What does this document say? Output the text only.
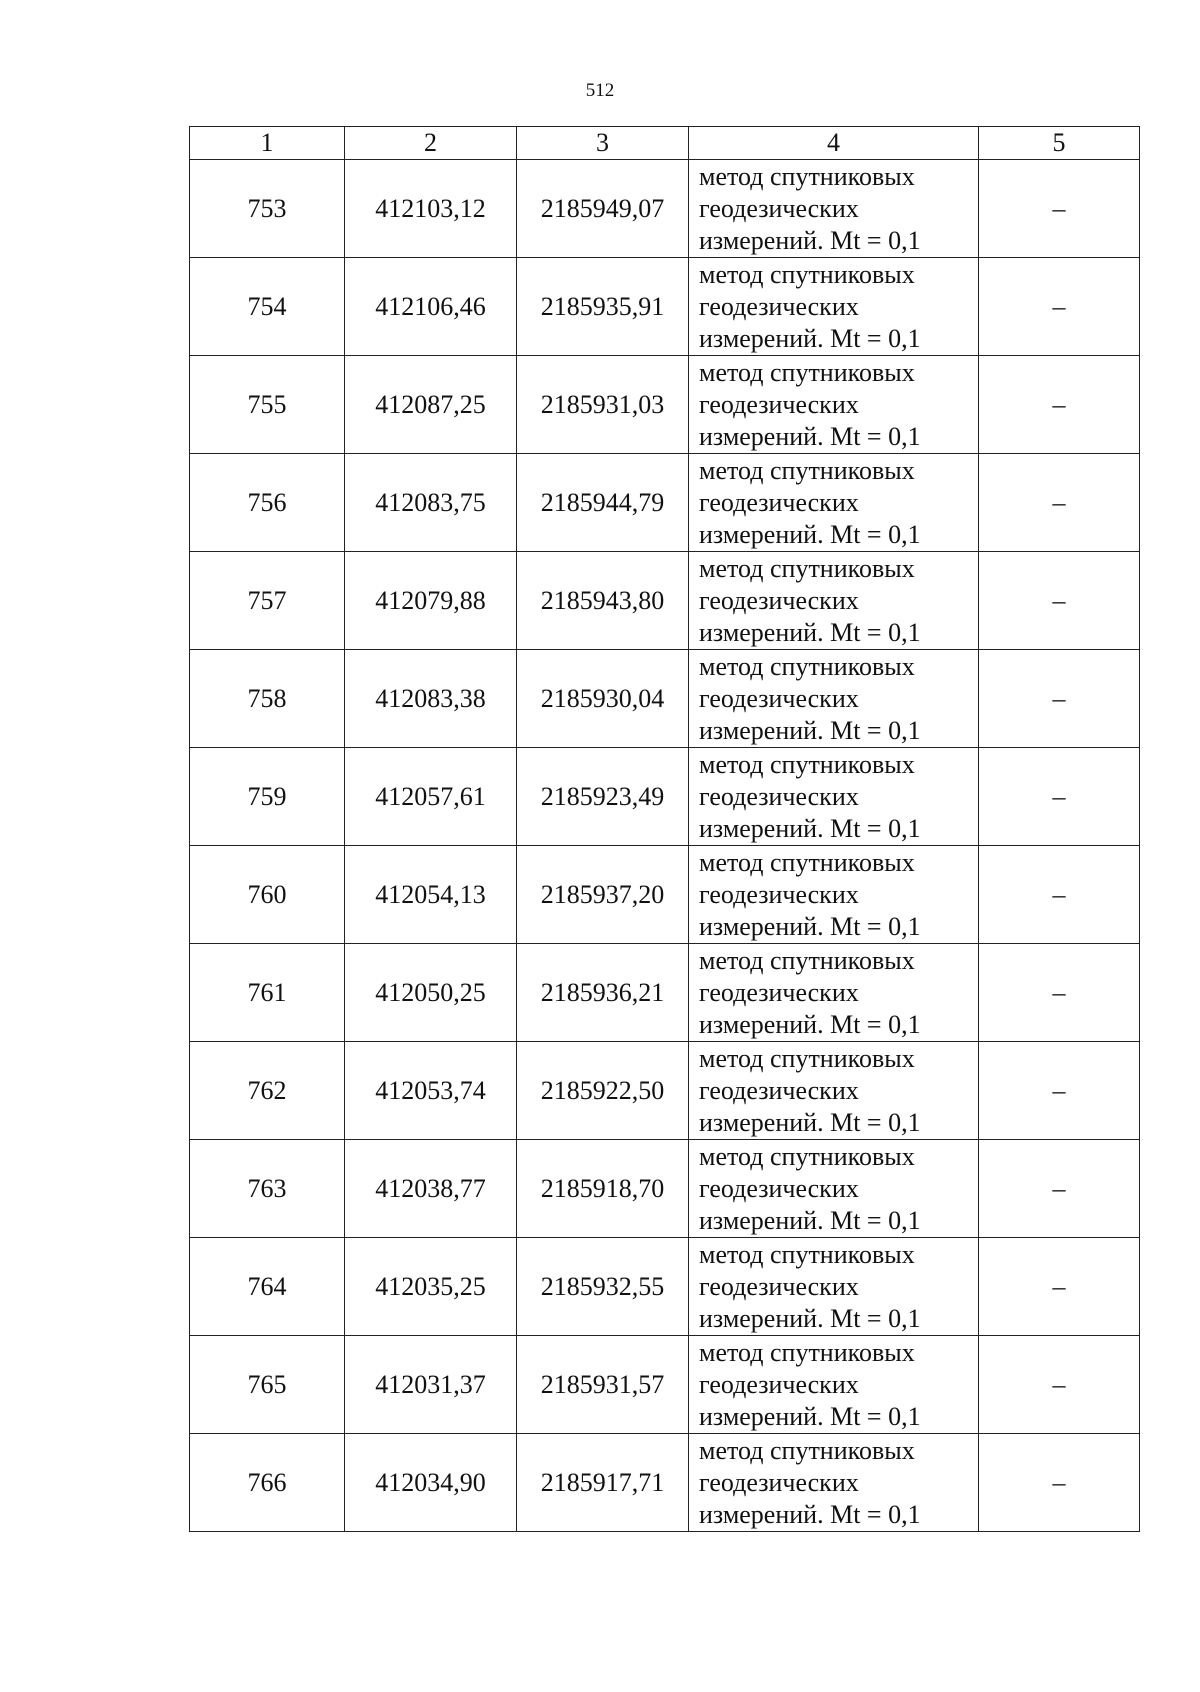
512
1	2	3	4	5
753	412103,12	2185949,07	метод спутниковых
геодезических
измерений. Mt = 0,1	–
754	412106,46	2185935,91	метод спутниковых
геодезических
измерений. Mt = 0,1	–
755	412087,25	2185931,03	метод спутниковых
геодезических
измерений. Mt = 0,1	–
756	412083,75	2185944,79	метод спутниковых
геодезических
измерений. Mt = 0,1	–
757	412079,88	2185943,80	метод спутниковых
геодезических
измерений. Mt = 0,1	–
758	412083,38	2185930,04	метод спутниковых
геодезических
измерений. Mt = 0,1	–
759	412057,61	2185923,49	метод спутниковых
геодезических
измерений. Mt = 0,1	–
760	412054,13	2185937,20	метод спутниковых
геодезических
измерений. Mt = 0,1	–
761	412050,25	2185936,21	метод спутниковых
геодезических
измерений. Mt = 0,1	–
762	412053,74	2185922,50	метод спутниковых
геодезических
измерений. Mt = 0,1	–
763	412038,77	2185918,70	метод спутниковых
геодезических
измерений. Mt = 0,1	–
764	412035,25	2185932,55	метод спутниковых
геодезических
измерений. Mt = 0,1	–
765	412031,37	2185931,57	метод спутниковых
геодезических
измерений. Mt = 0,1	–
766	412034,90	2185917,71	метод спутниковых
геодезических
измерений. Mt = 0,1	–
